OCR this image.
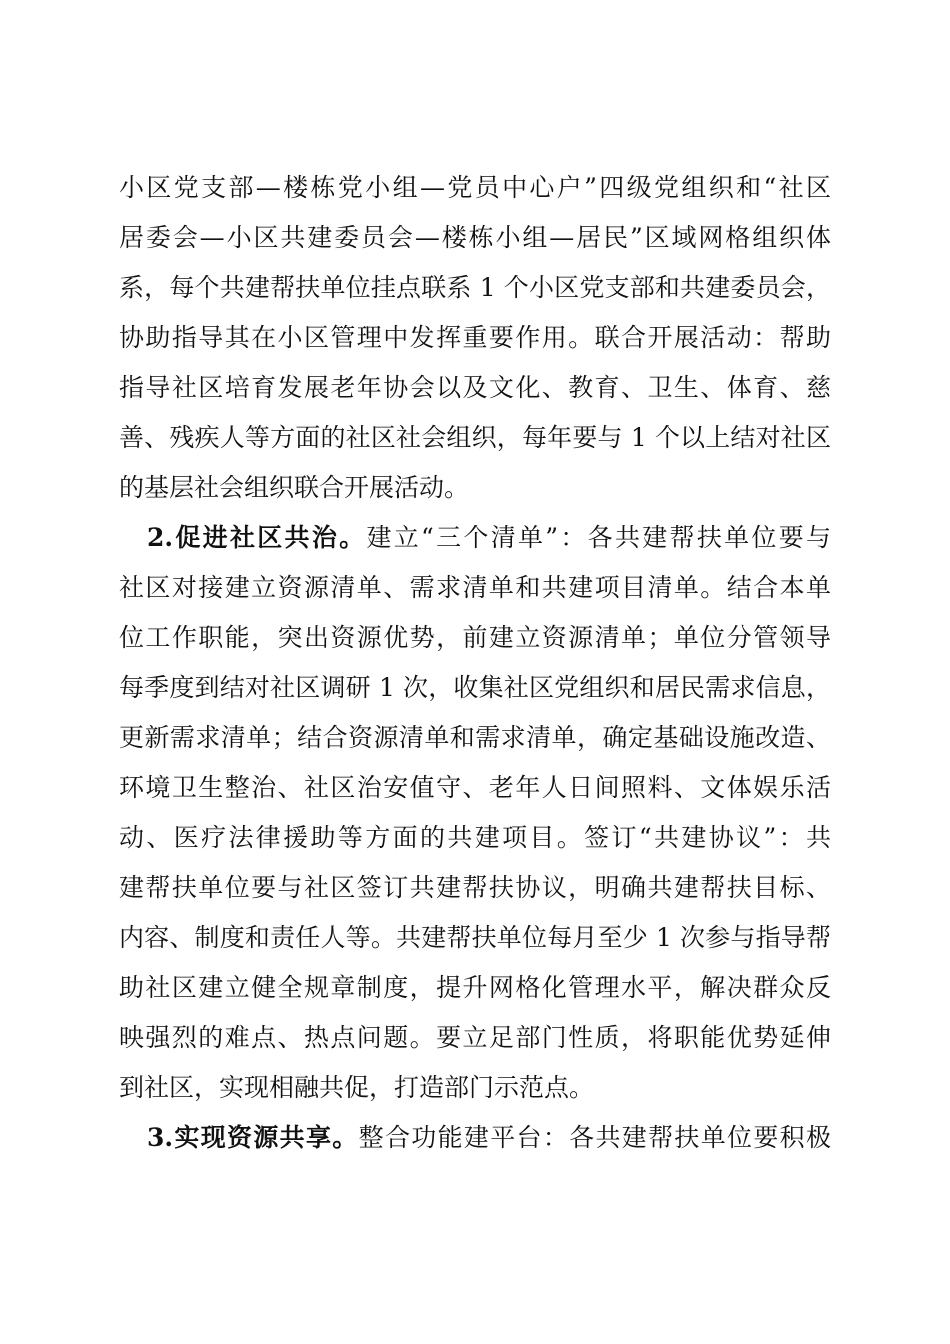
小区党支部—楼栋党小组—党员中心户”四级党组织和“社区
居委会—小区共建委员会—楼栋小组—居民”区域网格组织体
系，每个共建帮扶单位挂点联系 1 个小区党支部和共建委员会，
协助指导其在小区管理中发挥重要作用。联合开展活动：帮助
指导社区培育发展老年协会以及文化、教育、卫生、体育、慈
善、残疾人等方面的社区社会组织，每年要与 1 个以上结对社区
的基层社会组织联合开展活动。
2.促进社区共治。建立“三个清单”：各共建帮扶单位要与
社区对接建立资源清单、需求清单和共建项目清单。结合本单
位工作职能，突出资源优势，前建立资源清单；单位分管领导
每季度到结对社区调研 1 次，收集社区党组织和居民需求信息，
更新需求清单；结合资源清单和需求清单，确定基础设施改造、
环境卫生整治、社区治安值守、老年人日间照料、文体娱乐活
动、医疗法律援助等方面的共建项目。签订“共建协议”：共
建帮扶单位要与社区签订共建帮扶协议，明确共建帮扶目标、
内容、制度和责任人等。共建帮扶单位每月至少 1 次参与指导帮
助社区建立健全规章制度，提升网格化管理水平，解决群众反
映强烈的难点、热点问题。要立足部门性质，将职能优势延伸
到社区，实现相融共促，打造部门示范点。
3.实现资源共享。整合功能建平台：各共建帮扶单位要积极
